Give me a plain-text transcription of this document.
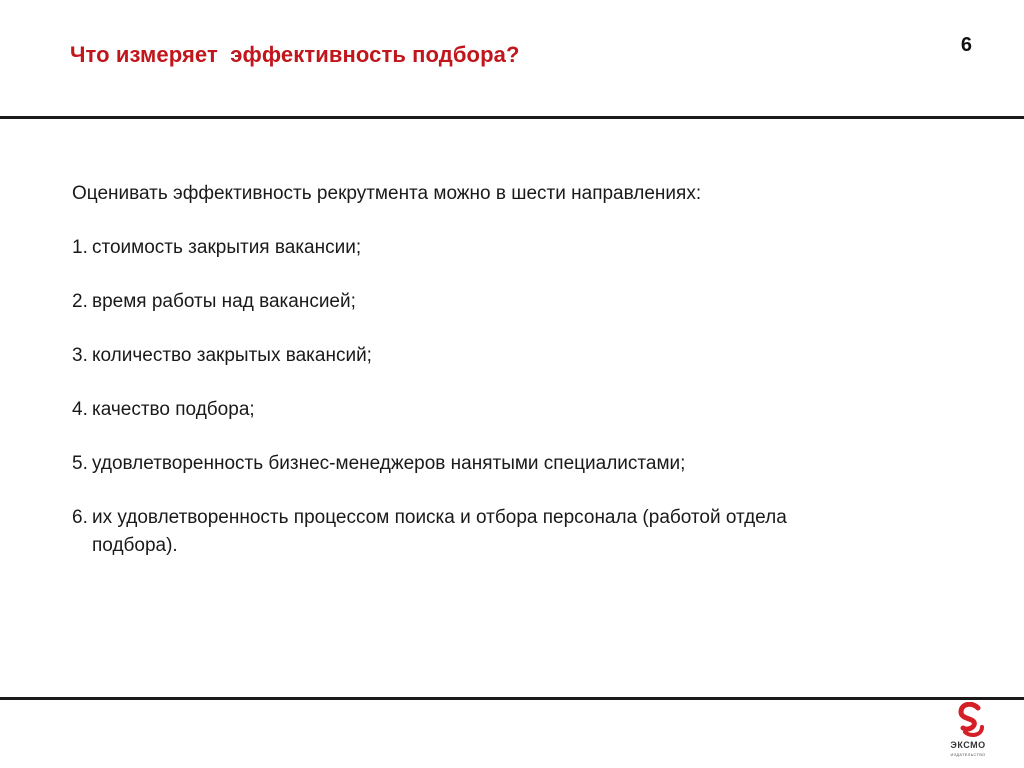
Что измеряет  эффективность подбора?	6

Оценивать эффективность рекрутмента можно в шести направлениях:

1. стоимость закрытия вакансии;
2. время работы над вакансией;
3. количество закрытых вакансий;
4. качество подбора;
5. удовлетворенность бизнес-менеджеров нанятыми специалистами;
6. их удовлетворенность процессом поиска и отбора персонала (работой отдела подбора).
ЭКСМО
ИЗДАТЕЛЬСТВО
